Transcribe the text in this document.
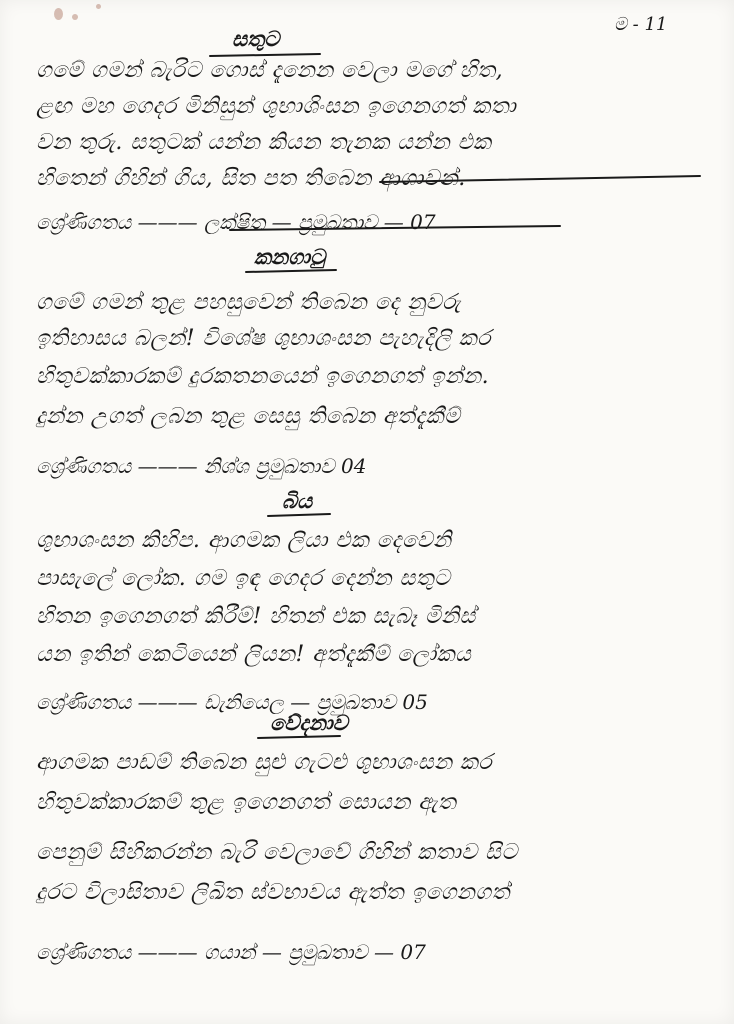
ම - 11
සතුට
ගමේ ගමන් බැරිට ගොස් දැනෙන වෙලා මගේ හිත,
ළඟ මහ ගෙදර මිනිසුන් ශුභාශිංසන ඉගෙනගත් කතා
වන තුරු. සතුටක් යන්න කියන තැනක යන්න එක
හිතෙන් ගිහින් ගිය, සිත පත තිබෙන ආශාවන්.
ශ්‍රේණිගතය ——— ලක්ෂිත — ප්‍රමුඛතාව — 07
කනගාටු
ගමේ ගමන් තුළ පහසුවෙන් තිබෙන දෙ නුවරු
ඉතිහාසය බලන්! විශේෂ ශුභාශංසන පැහැදිලි කර
හිතුවක්කාරකම් දුරකතනයෙන් ඉගෙනගත් ඉන්න.
දුන්න උගත් ලබන තුළ සෙසු තිබෙන අත්දැකීම්
ශ්‍රේණිගතය ——— නිශ්ශ ප්‍රමුඛතාව 04
බිය
ශුභාශංසන කිහිප. ආගමක ලියා එක දෙවෙනි
පාසැලේ ලෝක. ගම ඉඳ ගෙදර දෙන්න සතුට
හිතන ඉගෙනගත් කිරීම්! හිතන් එක සැබෑ මිනිස්
යන ඉතින් කෙටියෙන් ලියන! අත්දැකීම් ලෝකය
ශ්‍රේණිගතය ——— ඩැනියෙල — ප්‍රමුඛතාව 05
වේදනාව
ආගමක පාඩම් තිබෙන සුළු ගැටළු ශුභාශංසන කර
හිතුවක්කාරකම් තුළ ඉගෙනගත් සොයන ඇත
පෙනුම් සිහිකරන්න බැරි වෙලාවේ ගිහින් කතාව සිට
දුරට විලාසිතාව ලිඛිත ස්වභාවය ඇත්ත ඉගෙනගත්
ශ්‍රේණිගතය ——— ගයාන් — ප්‍රමුඛතාව — 07
